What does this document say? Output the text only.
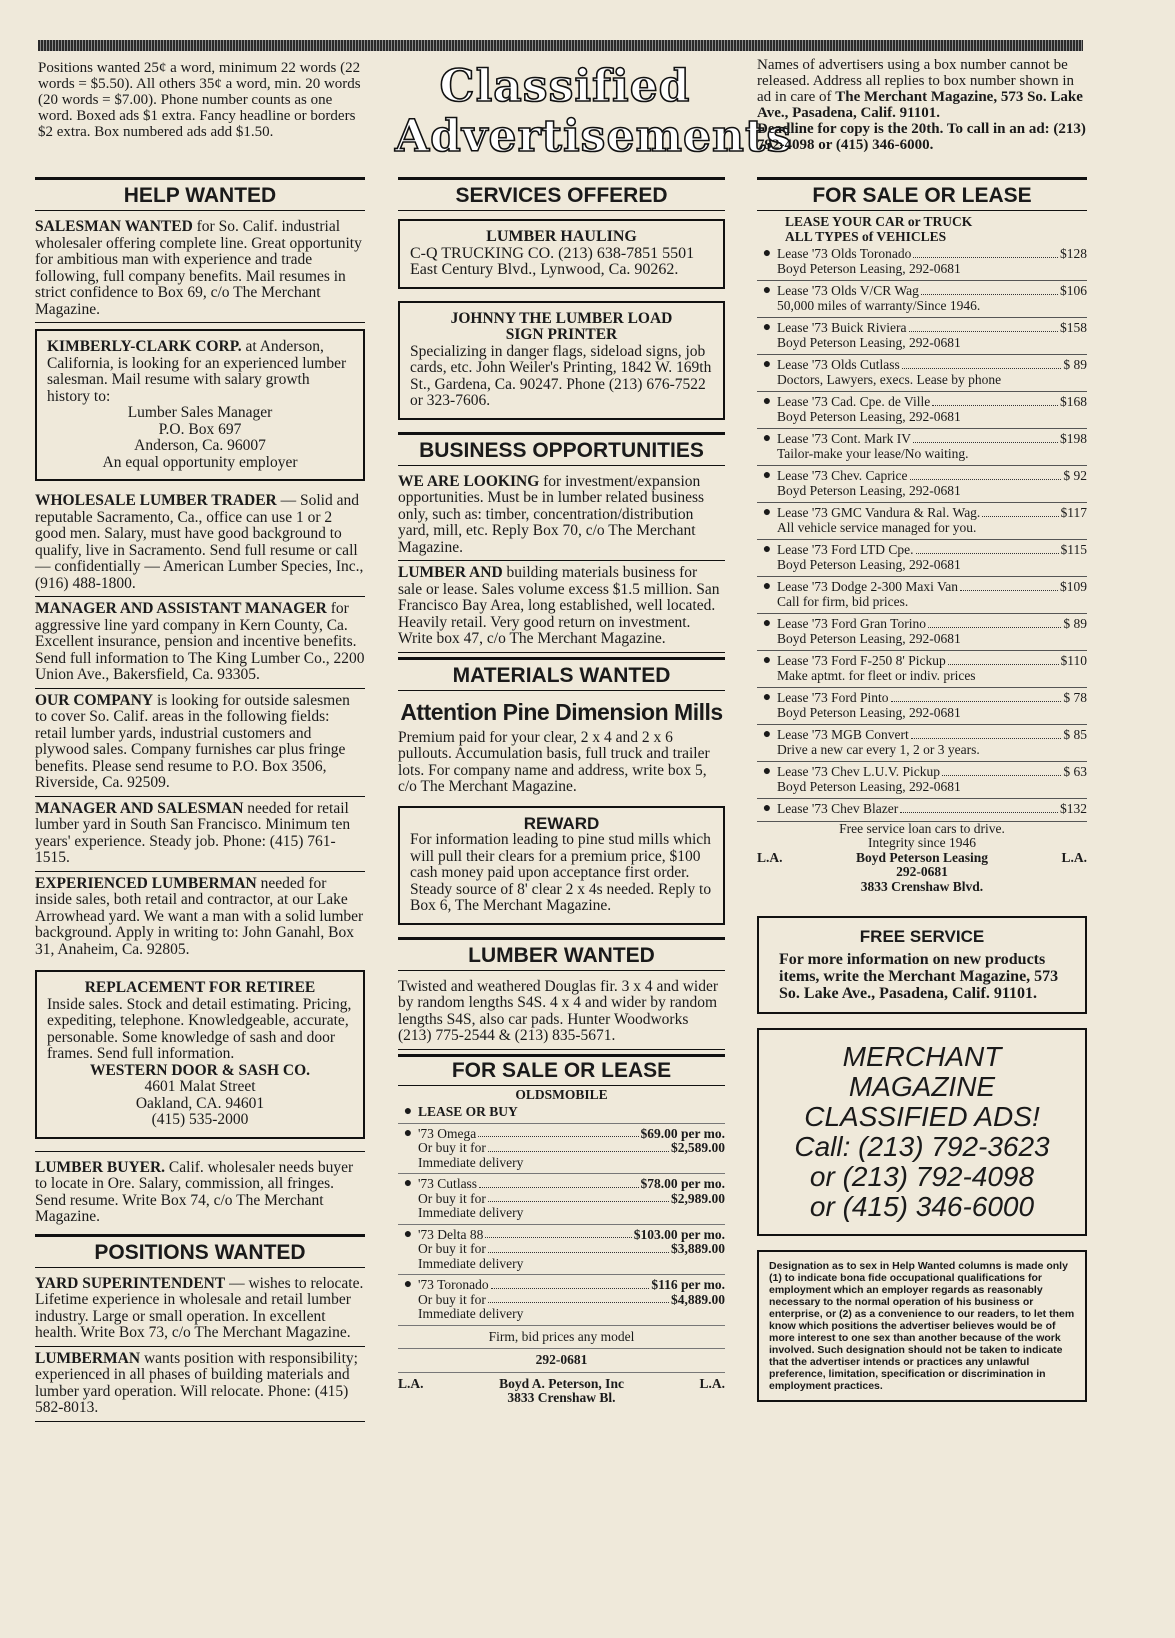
Positions wanted 25¢ a word, minimum 22 words (22 words = $5.50). All others 35¢ a word, min. 20 words (20 words = $7.00). Phone number counts as one word. Boxed ads $1 extra. Fancy headline or borders $2 extra. Box numbered ads add $1.50.
Classified
Advertisements
Names of advertisers using a box number cannot be released. Address all replies to box number shown in ad in care of The Merchant Magazine, 573 So. Lake Ave., Pasadena, Calif. 91101.
Deadline for copy is the 20th. To call in an ad: (213) 792-4098 or (415) 346-6000.
HELP WANTED
SALESMAN WANTED for So. Calif. industrial wholesaler offering complete line. Great opportunity for ambitious man with experience and trade following, full company benefits. Mail resumes in strict confidence to Box 69, c/o The Merchant Magazine.
KIMBERLY-CLARK CORP. at Anderson, California, is looking for an experienced lumber salesman. Mail resume with salary growth history to:
Lumber Sales Manager
P.O. Box 697
Anderson, Ca. 96007
An equal opportunity employer
WHOLESALE LUMBER TRADER — Solid and reputable Sacramento, Ca., office can use 1 or 2 good men. Salary, must have good background to qualify, live in Sacramento. Send full resume or call — confidentially — American Lumber Species, Inc., (916) 488-1800.
MANAGER AND ASSISTANT MANAGER for aggressive line yard company in Kern County, Ca. Excellent insurance, pension and incentive benefits. Send full information to The King Lumber Co., 2200 Union Ave., Bakersfield, Ca. 93305.
OUR COMPANY is looking for outside salesmen to cover So. Calif. areas in the following fields: retail lumber yards, industrial customers and plywood sales. Company furnishes car plus fringe benefits. Please send resume to P.O. Box 3506, Riverside, Ca. 92509.
MANAGER AND SALESMAN needed for retail lumber yard in South San Francisco. Minimum ten years' experience. Steady job. Phone: (415) 761-1515.
EXPERIENCED LUMBERMAN needed for inside sales, both retail and contractor, at our Lake Arrowhead yard. We want a man with a solid lumber background. Apply in writing to: John Ganahl, Box 31, Anaheim, Ca. 92805.
REPLACEMENT FOR RETIREE
Inside sales. Stock and detail estimating. Pricing, expediting, telephone. Knowledgeable, accurate, personable. Some knowledge of sash and door frames. Send full information.
WESTERN DOOR & SASH CO.
4601 Malat Street
Oakland, CA. 94601
(415) 535-2000
LUMBER BUYER. Calif. wholesaler needs buyer to locate in Ore. Salary, commission, all fringes. Send resume. Write Box 74, c/o The Merchant Magazine.
POSITIONS WANTED
YARD SUPERINTENDENT — wishes to relocate. Lifetime experience in wholesale and retail lumber industry. Large or small operation. In excellent health. Write Box 73, c/o The Merchant Magazine.
LUMBERMAN wants position with responsibility; experienced in all phases of building materials and lumber yard operation. Will relocate. Phone: (415) 582-8013.
SERVICES OFFERED
LUMBER HAULING
C-Q TRUCKING CO. (213) 638-7851 5501 East Century Blvd., Lynwood, Ca. 90262.
JOHNNY THE LUMBER LOAD
SIGN PRINTER
Specializing in danger flags, sideload signs, job cards, etc. John Weiler's Printing, 1842 W. 169th St., Gardena, Ca. 90247. Phone (213) 676-7522 or 323-7606.
BUSINESS OPPORTUNITIES
WE ARE LOOKING for investment/expansion opportunities. Must be in lumber related business only, such as: timber, concentration/distribution yard, mill, etc. Reply Box 70, c/o The Merchant Magazine.
LUMBER AND building materials business for sale or lease. Sales volume excess $1.5 million. San Francisco Bay Area, long established, well located. Heavily retail. Very good return on investment. Write box 47, c/o The Merchant Magazine.
MATERIALS WANTED
Attention Pine Dimension Mills
Premium paid for your clear, 2 x 4 and 2 x 6 pullouts. Accumulation basis, full truck and trailer lots. For company name and address, write box 5, c/o The Merchant Magazine.
REWARD
For information leading to pine stud mills which will pull their clears for a premium price, $100 cash money paid upon acceptance first order. Steady source of 8' clear 2 x 4s needed. Reply to Box 6, The Merchant Magazine.
LUMBER WANTED
Twisted and weathered Douglas fir. 3 x 4 and wider by random lengths S4S. 4 x 4 and wider by random lengths S4S, also car pads. Hunter Woodworks (213) 775-2544 & (213) 835-5671.
FOR SALE OR LEASE
OLDSMOBILE
● LEASE OR BUY
● '73 Omega	$69.00 per mo.
Or buy it for	$2,589.00
Immediate delivery
● '73 Cutlass	$78.00 per mo.
Or buy it for	$2,989.00
Immediate delivery
● '73 Delta 88	$103.00 per mo.
Or buy it for	$3,889.00
Immediate delivery
● '73 Toronado	$116 per mo.
Or buy it for	$4,889.00
Immediate delivery
Firm, bid prices any model
292-0681
L.A.	Boyd A. Peterson, Inc
3833 Crenshaw Bl.
L.A.
FOR SALE OR LEASE
LEASE YOUR CAR or TRUCK
ALL TYPES of VEHICLES
● Lease '73 Olds Toronado	$128
Boyd Peterson Leasing, 292-0681
● Lease '73 Olds V/CR Wag	$106
50,000 miles of warranty/Since 1946.
● Lease '73 Buick Riviera	$158
Boyd Peterson Leasing, 292-0681
● Lease '73 Olds Cutlass	$ 89
Doctors, Lawyers, execs. Lease by phone
● Lease '73 Cad. Cpe. de Ville	$168
Boyd Peterson Leasing, 292-0681
● Lease '73 Cont. Mark IV	$198
Tailor-make your lease/No waiting.
● Lease '73 Chev. Caprice	$ 92
Boyd Peterson Leasing, 292-0681
● Lease '73 GMC Vandura & Ral. Wag.	$117
All vehicle service managed for you.
● Lease '73 Ford LTD Cpe.	$115
Boyd Peterson Leasing, 292-0681
● Lease '73 Dodge 2-300 Maxi Van	$109
Call for firm, bid prices.
● Lease '73 Ford Gran Torino	$ 89
Boyd Peterson Leasing, 292-0681
● Lease '73 Ford F-250 8' Pickup	$110
Make aptmt. for fleet or indiv. prices
● Lease '73 Ford Pinto	$ 78
Boyd Peterson Leasing, 292-0681
● Lease '73 MGB Convert	$ 85
Drive a new car every 1, 2 or 3 years.
● Lease '73 Chev L.U.V. Pickup	$ 63
Boyd Peterson Leasing, 292-0681
● Lease '73 Chev Blazer	$132
Free service loan cars to drive.
Integrity since 1946
L.A.	Boyd Peterson Leasing
292-0681
3833 Crenshaw Blvd.
L.A.
FREE SERVICE
For more information on new products items, write the Merchant Magazine, 573 So. Lake Ave., Pasadena, Calif. 91101.
MERCHANT
MAGAZINE
CLASSIFIED ADS!
Call: (213) 792-3623
or (213) 792-4098
or (415) 346-6000
Designation as to sex in Help Wanted columns is made only (1) to indicate bona fide occupational qualifications for employment which an employer regards as reasonably necessary to the normal operation of his business or enterprise, or (2) as a convenience to our readers, to let them know which positions the advertiser believes would be of more interest to one sex than another because of the work involved. Such designation should not be taken to indicate that the advertiser intends or practices any unlawful preference, limitation, specification or discrimination in employment practices.
